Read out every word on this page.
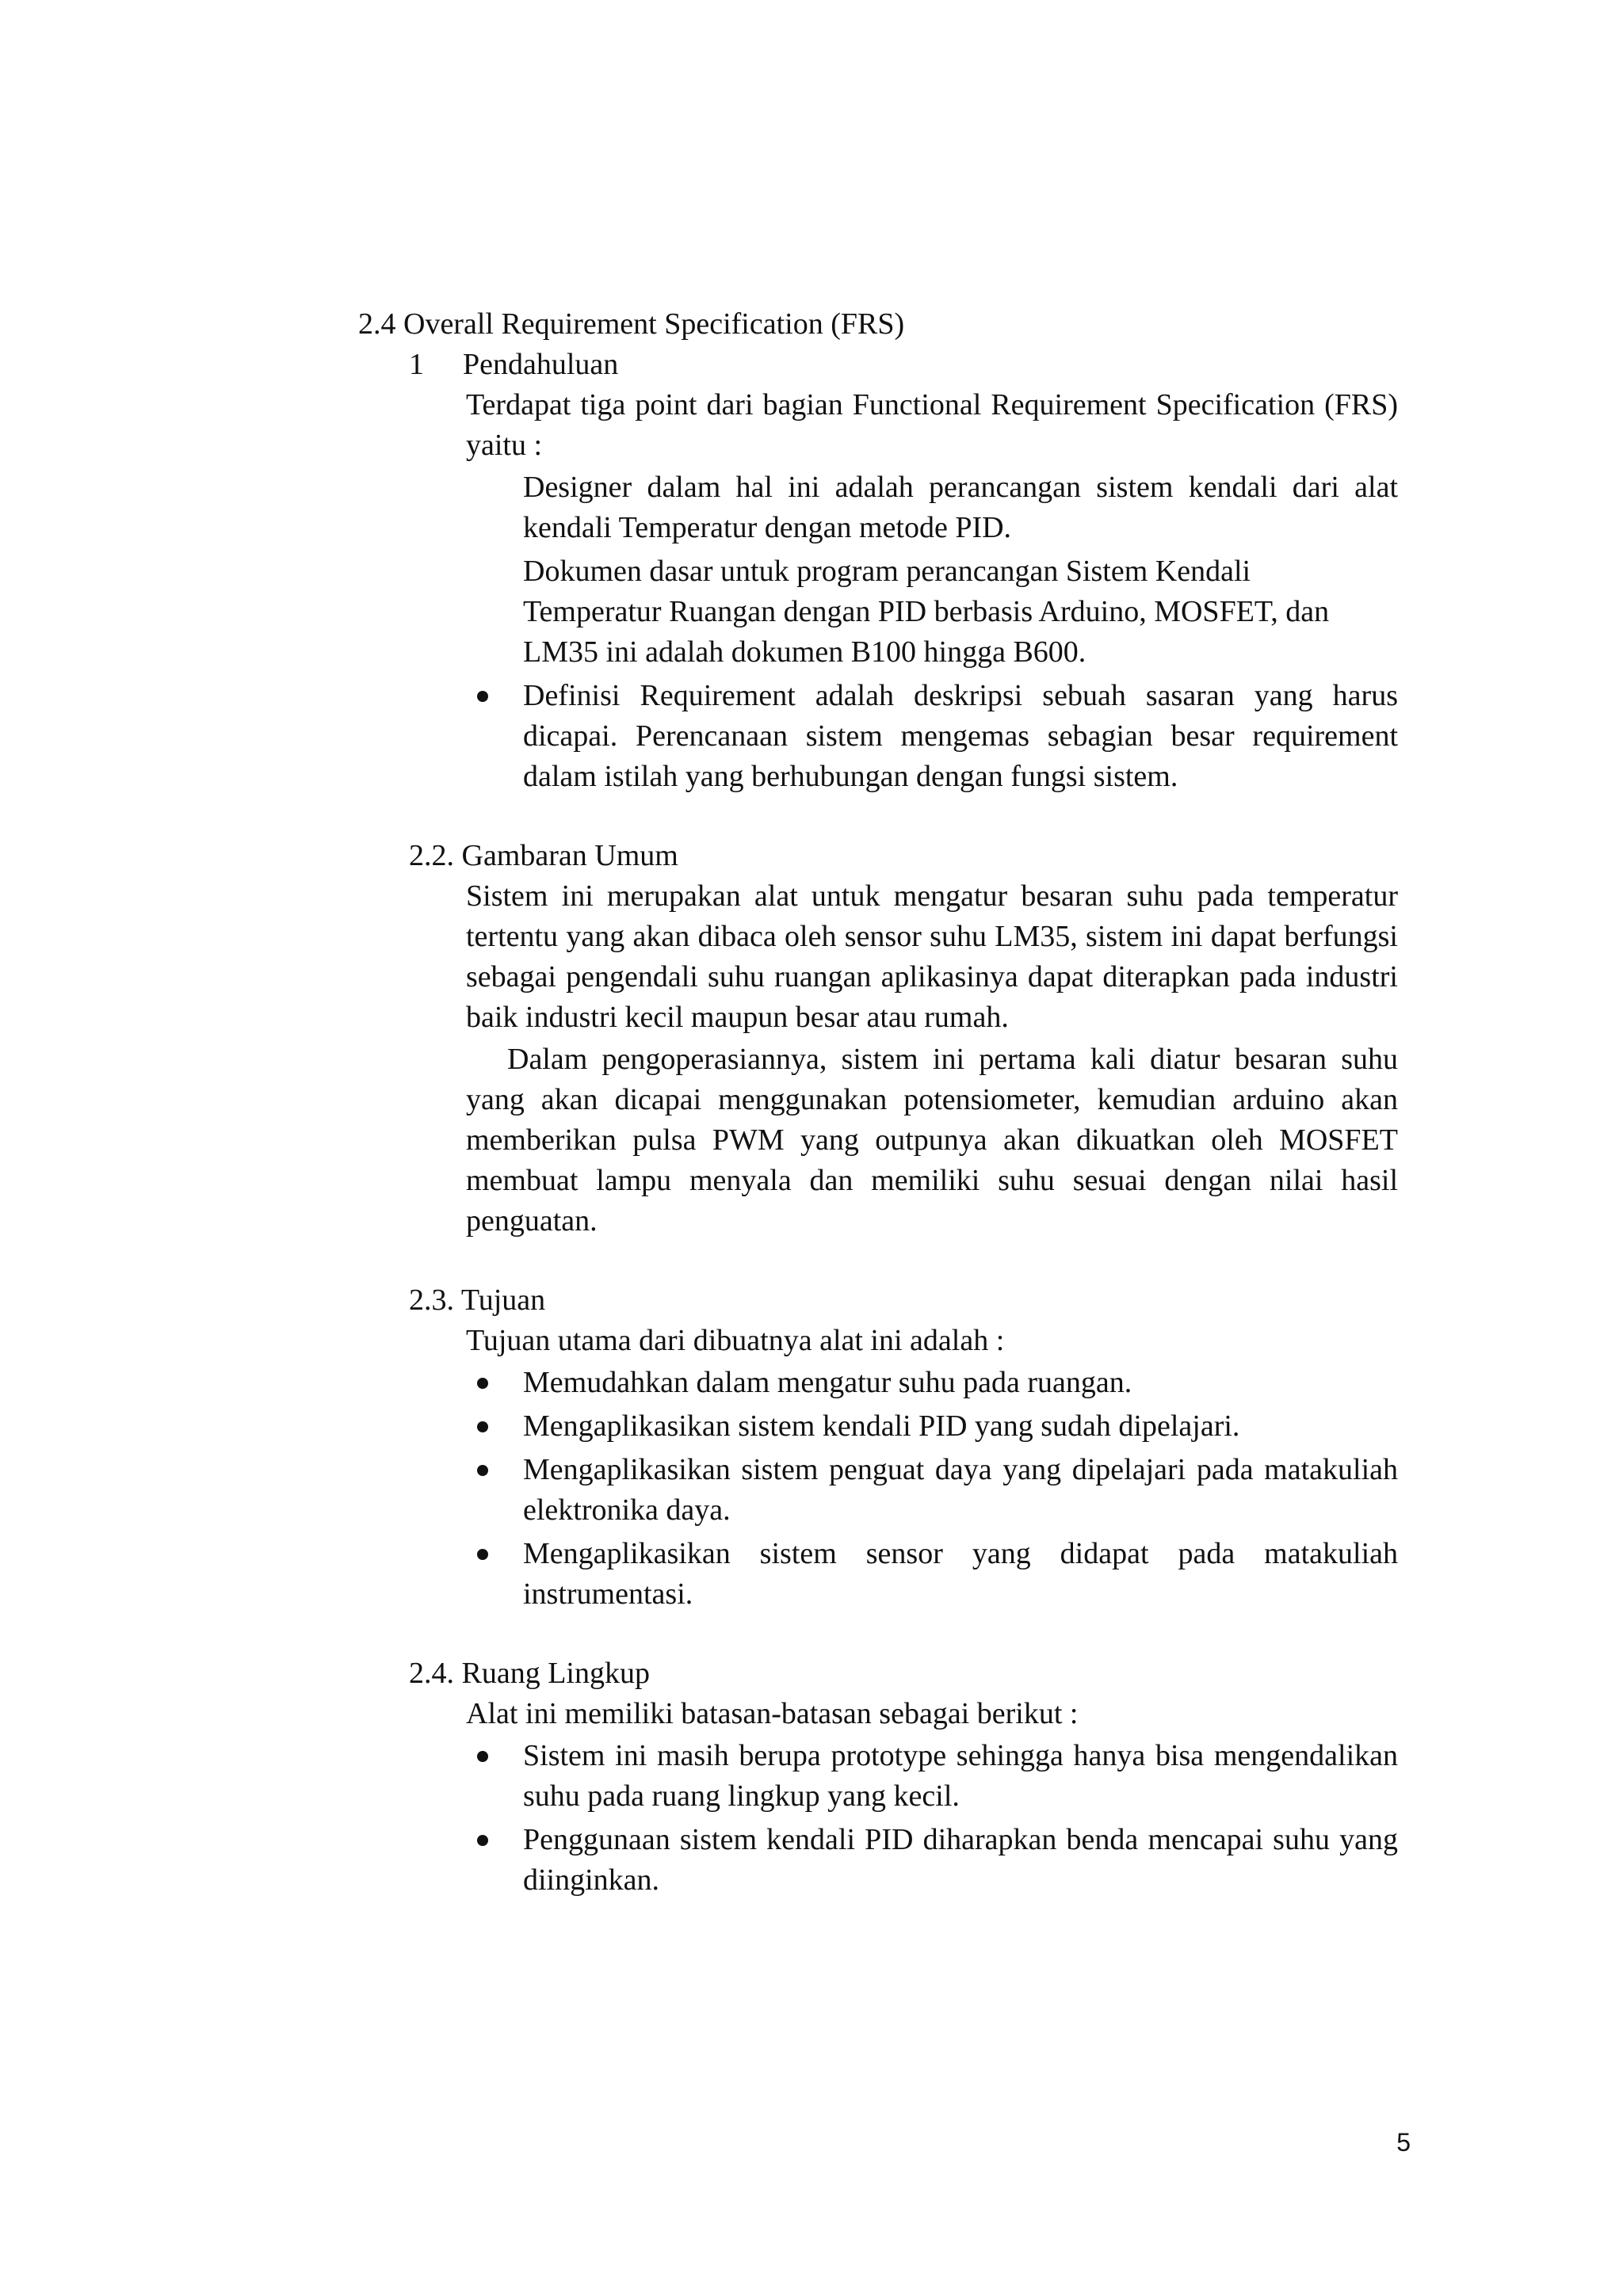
2.4 Overall Requirement Specification (FRS)

1 Pendahuluan

Terdapat tiga point dari bagian Functional Requirement Specification (FRS) yaitu :

Designer dalam hal ini adalah perancangan sistem kendali dari alat kendali Temperatur dengan metode PID.
Dokumen dasar untuk program perancangan Sistem Kendali Temperatur Ruangan dengan PID berbasis Arduino, MOSFET, dan LM35 ini adalah dokumen B100 hingga B600.
Definisi Requirement adalah deskripsi sebuah sasaran yang harus dicapai. Perencanaan sistem mengemas sebagian besar requirement dalam istilah yang berhubungan dengan fungsi sistem.

2.2. Gambaran Umum

Sistem ini merupakan alat untuk mengatur besaran suhu pada temperatur tertentu yang akan dibaca oleh sensor suhu LM35, sistem ini dapat berfungsi sebagai pengendali suhu ruangan aplikasinya dapat diterapkan pada industri baik industri kecil maupun besar atau rumah.

Dalam pengoperasiannya, sistem ini pertama kali diatur besaran suhu yang akan dicapai menggunakan potensiometer, kemudian arduino akan memberikan pulsa PWM yang outpunya akan dikuatkan oleh MOSFET membuat lampu menyala dan memiliki suhu sesuai dengan nilai hasil penguatan.

2.3. Tujuan

Tujuan utama dari dibuatnya alat ini adalah :

Memudahkan dalam mengatur suhu pada ruangan.
Mengaplikasikan sistem kendali PID yang sudah dipelajari.
Mengaplikasikan sistem penguat daya yang dipelajari pada matakuliah elektronika daya.
Mengaplikasikan sistem sensor yang didapat pada matakuliah instrumentasi.

2.4. Ruang Lingkup

Alat ini memiliki batasan-batasan sebagai berikut :

Sistem ini masih berupa prototype sehingga hanya bisa mengendalikan suhu pada ruang lingkup yang kecil.
Penggunaan sistem kendali PID diharapkan benda mencapai suhu yang diinginkan.
5
